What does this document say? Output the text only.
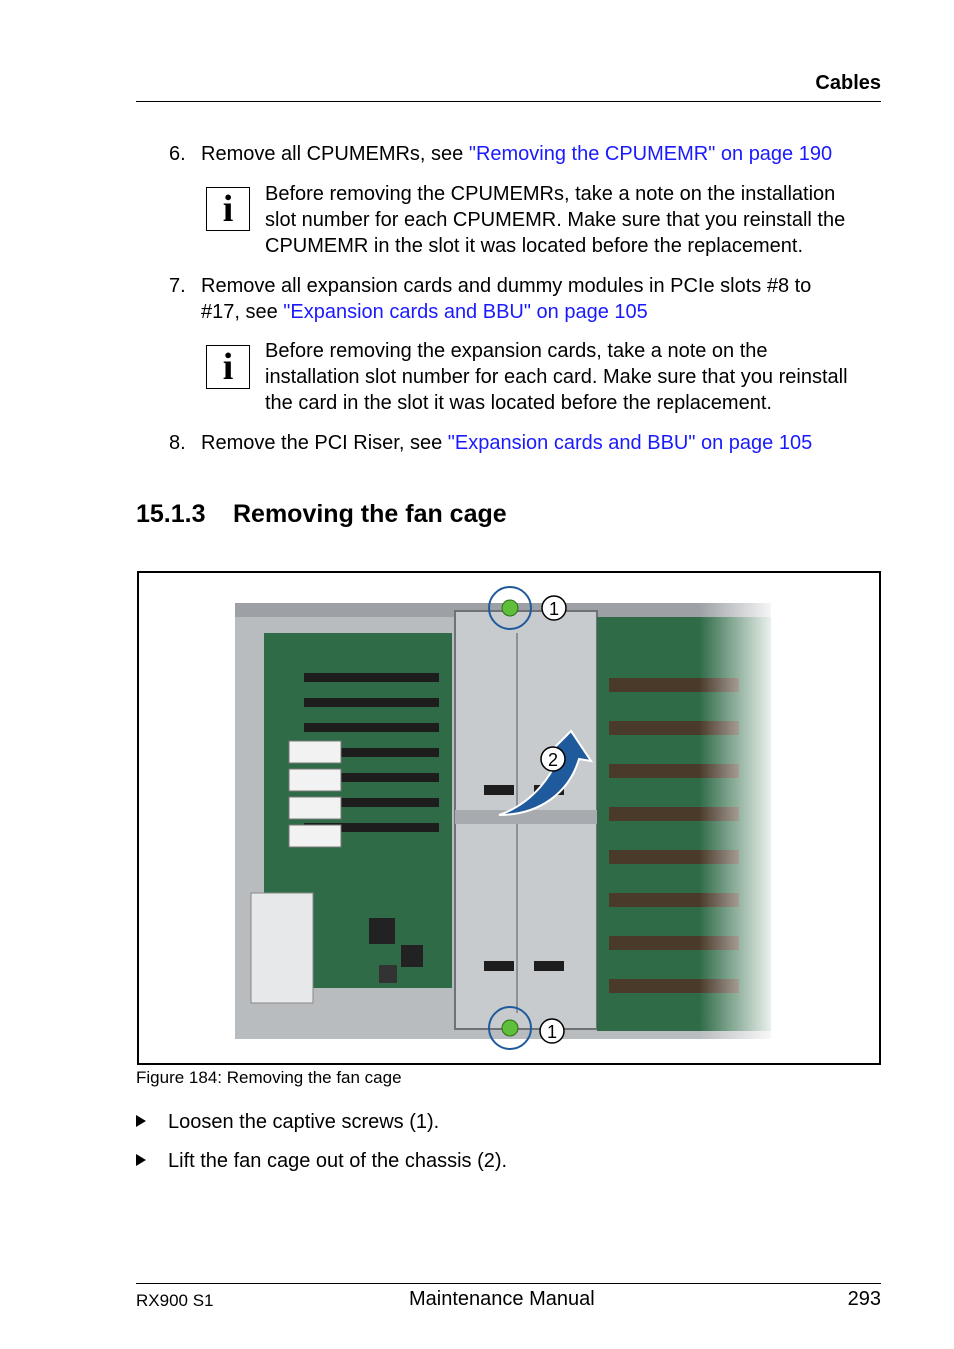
Cables
6. Remove all CPUMEMRs, see "Removing the CPUMEMR" on page 190
i	Before removing the CPUMEMRs, take a note on the installation
slot number for each CPUMEMR. Make sure that you reinstall the
CPUMEMR in the slot it was located before the replacement.
7. Remove all expansion cards and dummy modules in PCIe slots #8 to
#17, see "Expansion cards and BBU" on page 105
i	Before removing the expansion cards, take a note on the
installation slot number for each card. Make sure that you reinstall
the card in the slot it was located before the replacement.
8. Remove the PCI Riser, see "Expansion cards and BBU" on page 105
15.1.3 Removing the fan cage
1
1
2
Figure 184: Removing the fan cage
Loosen the captive screws (1).
Lift the fan cage out of the chassis (2).
RX900 S1	Maintenance Manual	293
